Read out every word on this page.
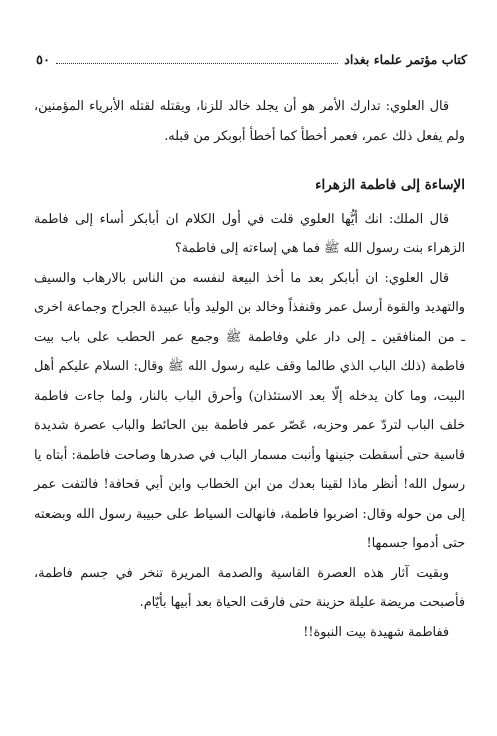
كتاب مؤتمر علماء بغداد
٥٠

قال العلوي: تدارك الأمر هو أن يجلد خالد للزنا، ويقتله لقتله الأبرياء المؤمنين، ولم يفعل ذلك عمر، فعمر أخطأ كما أخطأ أبوبكر من قبله.

الإساءة إلى فاطمة الزهراء

قال الملك: انك أيُّها العلوي قلت في أول الكلام ان أبابكر أساء إلى فاطمة الزهراء بنت رسول الله ﷺ فما هي إساءته إلى فاطمة؟

قال العلوي: ان أبابكر بعد ما أخذ البيعة لنفسه من الناس بالارهاب والسيف والتهديد والقوة أرسل عمر وقنفذاً وخالد بن الوليد وأبا عبيدة الجراح وجماعة اخرى ـ من المنافقين ـ إلى دار علي وفاطمة ﷺ وجمع عمر الحطب على باب بيت فاطمة (ذلك الباب الذي طالما وقف عليه رسول الله ﷺ وقال: السلام عليكم أهل البيت، وما كان يدخله إلّا بعد الاستئذان) وأحرق الباب بالنار، ولما جاءت فاطمة خلف الباب لتردّ عمر وحزبه، عَصّر عمر فاطمة بين الحائط والباب عصرة شديدة قاسية حتى أسقطت جنينها وأنبت مسمار الباب في صدرها وصاحت فاطمة: أبتاه يا رسول الله! أنظر ماذا لقينا بعدك من ابن الخطاب وابن أبي قحافة! فالتفت عمر إلى من حوله وقال: اضربوا فاطمة، فانهالت السياط على حبيبة رسول الله وبضعته حتى أدموا جسمها!

وبقيت آثار هذه العصرة القاسية والصدمة المريرة تنخر في جسم فاطمة، فأصبحت مريضة عليلة حزينة حتى فارقت الحياة بعد أبيها بأيّام.

ففاطمة شهيدة بيت النبوة!!
